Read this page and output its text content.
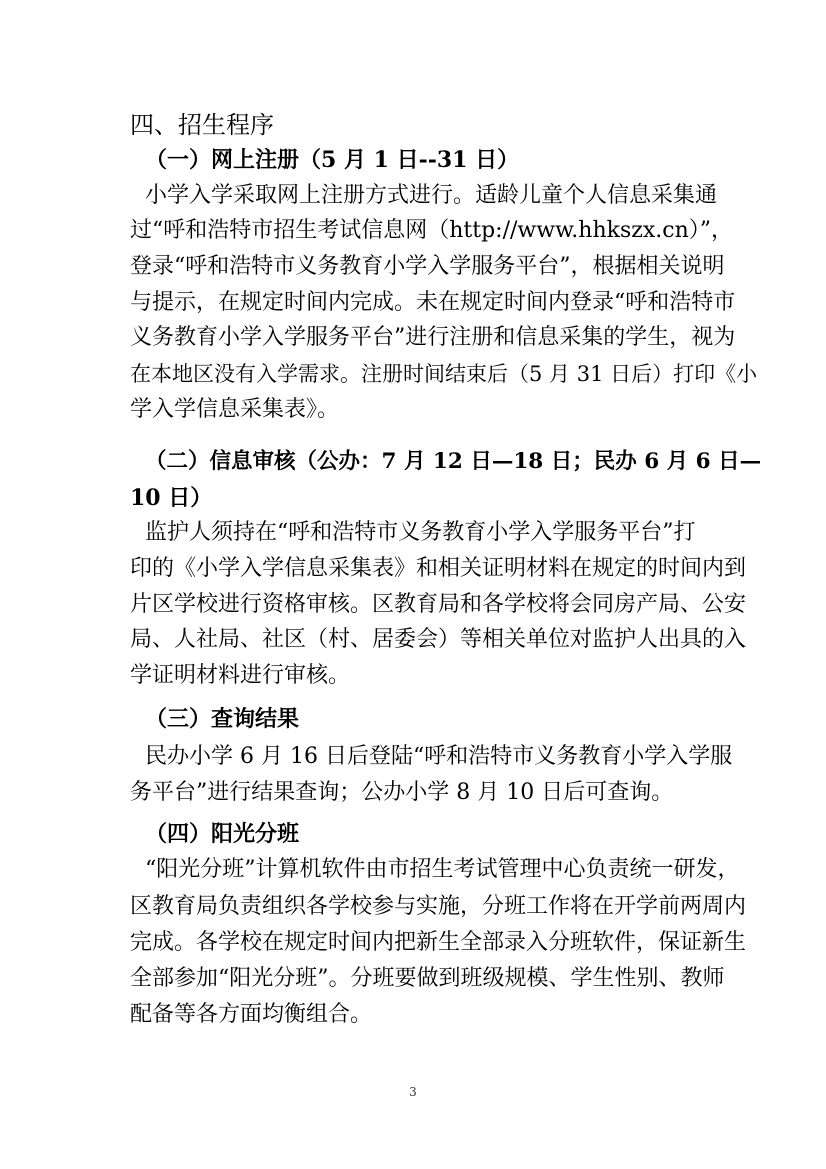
四、招生程序
（一）网上注册（5 月 1 日--31 日）
小学入学采取网上注册方式进行。适龄儿童个人信息采集通
过“呼和浩特市招生考试信息网（http://www.hhkszx.cn）”，
登录“呼和浩特市义务教育小学入学服务平台”，根据相关说明
与提示，在规定时间内完成。未在规定时间内登录“呼和浩特市
义务教育小学入学服务平台”进行注册和信息采集的学生，视为
在本地区没有入学需求。注册时间结束后（5 月 31 日后）打印《小
学入学信息采集表》。
（二）信息审核（公办：7 月 12 日—18 日；民办 6 月 6 日—
10 日）
监护人须持在“呼和浩特市义务教育小学入学服务平台”打
印的《小学入学信息采集表》和相关证明材料在规定的时间内到
片区学校进行资格审核。区教育局和各学校将会同房产局、公安
局、人社局、社区（村、居委会）等相关单位对监护人出具的入
学证明材料进行审核。
（三）查询结果
民办小学 6 月 16 日后登陆“呼和浩特市义务教育小学入学服
务平台”进行结果查询；公办小学 8 月 10 日后可查询。
（四）阳光分班
“阳光分班”计算机软件由市招生考试管理中心负责统一研发，
区教育局负责组织各学校参与实施，分班工作将在开学前两周内
完成。各学校在规定时间内把新生全部录入分班软件，保证新生
全部参加“阳光分班”。分班要做到班级规模、学生性别、教师
配备等各方面均衡组合。
3
